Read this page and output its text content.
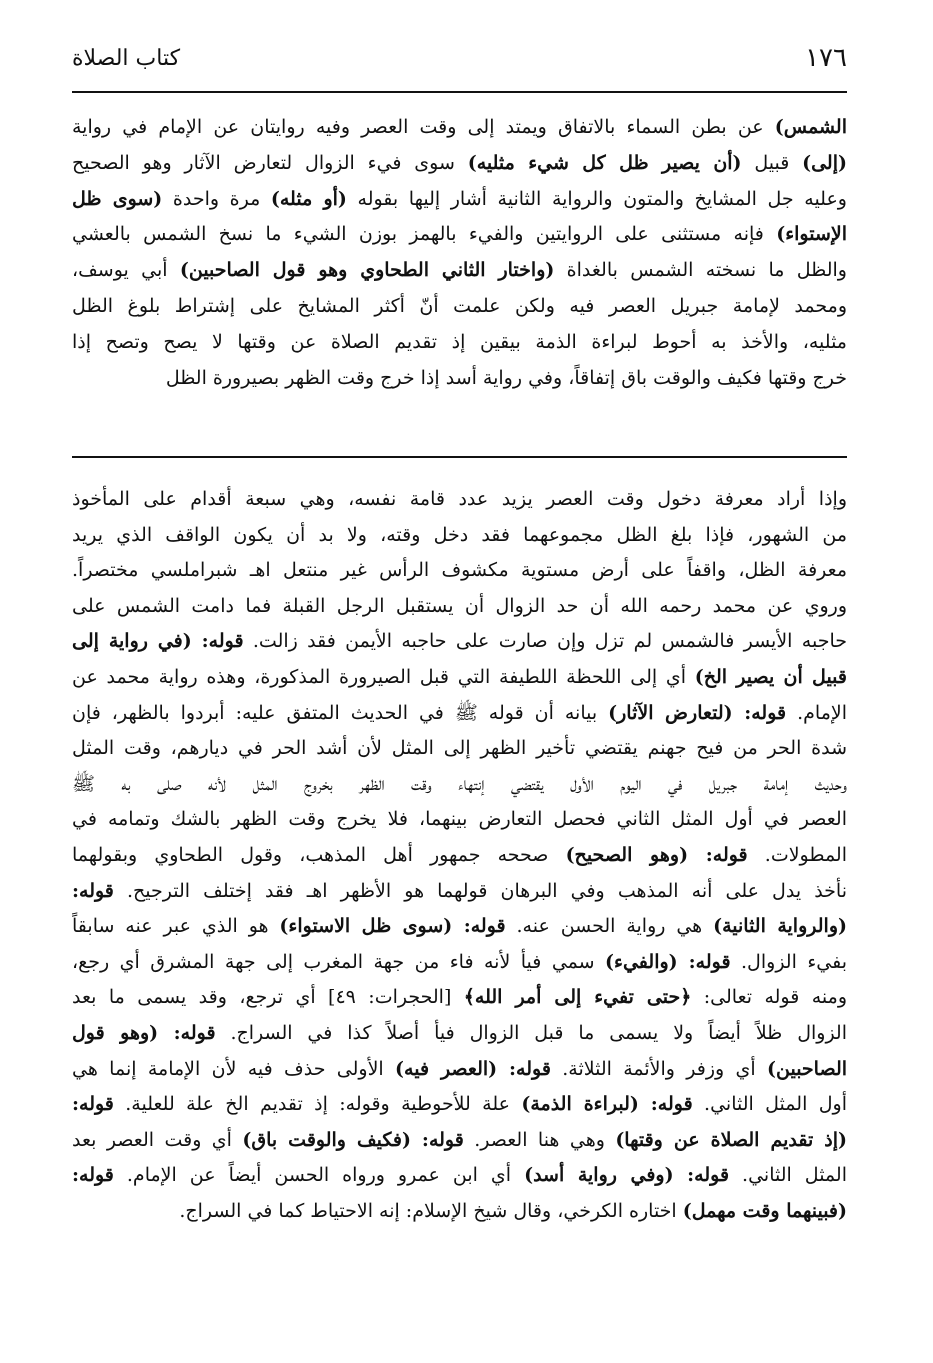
١٧٦
كتاب الصلاة
الشمس) عن بطن السماء بالاتفاق ويمتد إلى وقت العصر وفيه روايتان عن الإمام في رواية
(إلى) قبيل (أن يصير ظل كل شيء مثليه) سوى فيء الزوال لتعارض الآثار وهو الصحيح
وعليه جل المشايخ والمتون والرواية الثانية أشار إليها بقوله (أو مثله) مرة واحدة (سوى ظل
الإستواء) فإنه مستثنى على الروايتين والفيء بالهمز بوزن الشيء ما نسخ الشمس بالعشي
والظل ما نسخته الشمس بالغداة (واختار الثاني الطحاوي وهو قول الصاحبين) أبي يوسف،
ومحمد لإمامة جبريل العصر فيه ولكن علمت أنّ أكثر المشايخ على إشتراط بلوغ الظل
مثليه، والأخذ به أحوط لبراءة الذمة بيقين إذ تقديم الصلاة عن وقتها لا يصح وتصح إذا
خرج وقتها فكيف والوقت باق إتفاقاً، وفي رواية أسد إذا خرج وقت الظهر بصيرورة الظل
وإذا أراد معرفة دخول وقت العصر يزيد عدد قامة نفسه، وهي سبعة أقدام على المأخوذ
من الشهور، فإذا بلغ الظل مجموعهما فقد دخل وقته، ولا بد أن يكون الواقف الذي يريد
معرفة الظل، واقفاً على أرض مستوية مكشوف الرأس غير منتعل اهـ شبراملسي مختصراً.
وروي عن محمد رحمه الله أن حد الزوال أن يستقبل الرجل القبلة فما دامت الشمس على
حاجبه الأيسر فالشمس لم تزل وإن صارت على حاجبه الأيمن فقد زالت. قوله: (في رواية إلى
قبيل أن يصير الخ) أي إلى اللحظة اللطيفة التي قبل الصيرورة المذكورة، وهذه رواية محمد عن
الإمام. قوله: (لتعارض الآثار) بيانه أن قوله ﷺ في الحديث المتفق عليه: أبردوا بالظهر، فإن
شدة الحر من فيح جهنم يقتضي تأخير الظهر إلى المثل لأن أشد الحر في ديارهم، وقت المثل
وحديث إمامة جبريل في اليوم الأول يقتضي إنتهاء وقت الظهر بخروج المثل لأنه صلى به ﷺ
العصر في أول المثل الثاني فحصل التعارض بينهما، فلا يخرج وقت الظهر بالشك وتمامه في
المطولات. قوله: (وهو الصحيح) صححه جمهور أهل المذهب، وقول الطحاوي وبقولهما
نأخذ يدل على أنه المذهب وفي البرهان قولهما هو الأظهر اهـ فقد إختلف الترجيح. قوله:
(والرواية الثانية) هي رواية الحسن عنه. قوله: (سوى ظل الاستواء) هو الذي عبر عنه سابقاً
بفيء الزوال. قوله: (والفيء) سمي فيأ لأنه فاء من جهة المغرب إلى جهة المشرق أي رجع،
ومنه قوله تعالى: ﴿حتى تفيء إلى أمر الله﴾ [الحجرات: ٤٩] أي ترجع، وقد يسمى ما بعد
الزوال ظلاً أيضاً ولا يسمى ما قبل الزوال فيأ أصلاً كذا في السراج. قوله: (وهو قول
الصاحبين) أي وزفر والأئمة الثلاثة. قوله: (العصر فيه) الأولى حذف فيه لأن الإمامة إنما هي
أول المثل الثاني. قوله: (لبراءة الذمة) علة للأحوطية وقوله: إذ تقديم الخ علة للعلية. قوله:
(إذ تقديم الصلاة عن وقتها) وهي هنا العصر. قوله: (فكيف والوقت باق) أي وقت العصر بعد
المثل الثاني. قوله: (وفي رواية أسد) أي ابن عمرو ورواه الحسن أيضاً عن الإمام. قوله:
(فبينهما وقت مهمل) اختاره الكرخي، وقال شيخ الإسلام: إنه الاحتياط كما في السراج.
